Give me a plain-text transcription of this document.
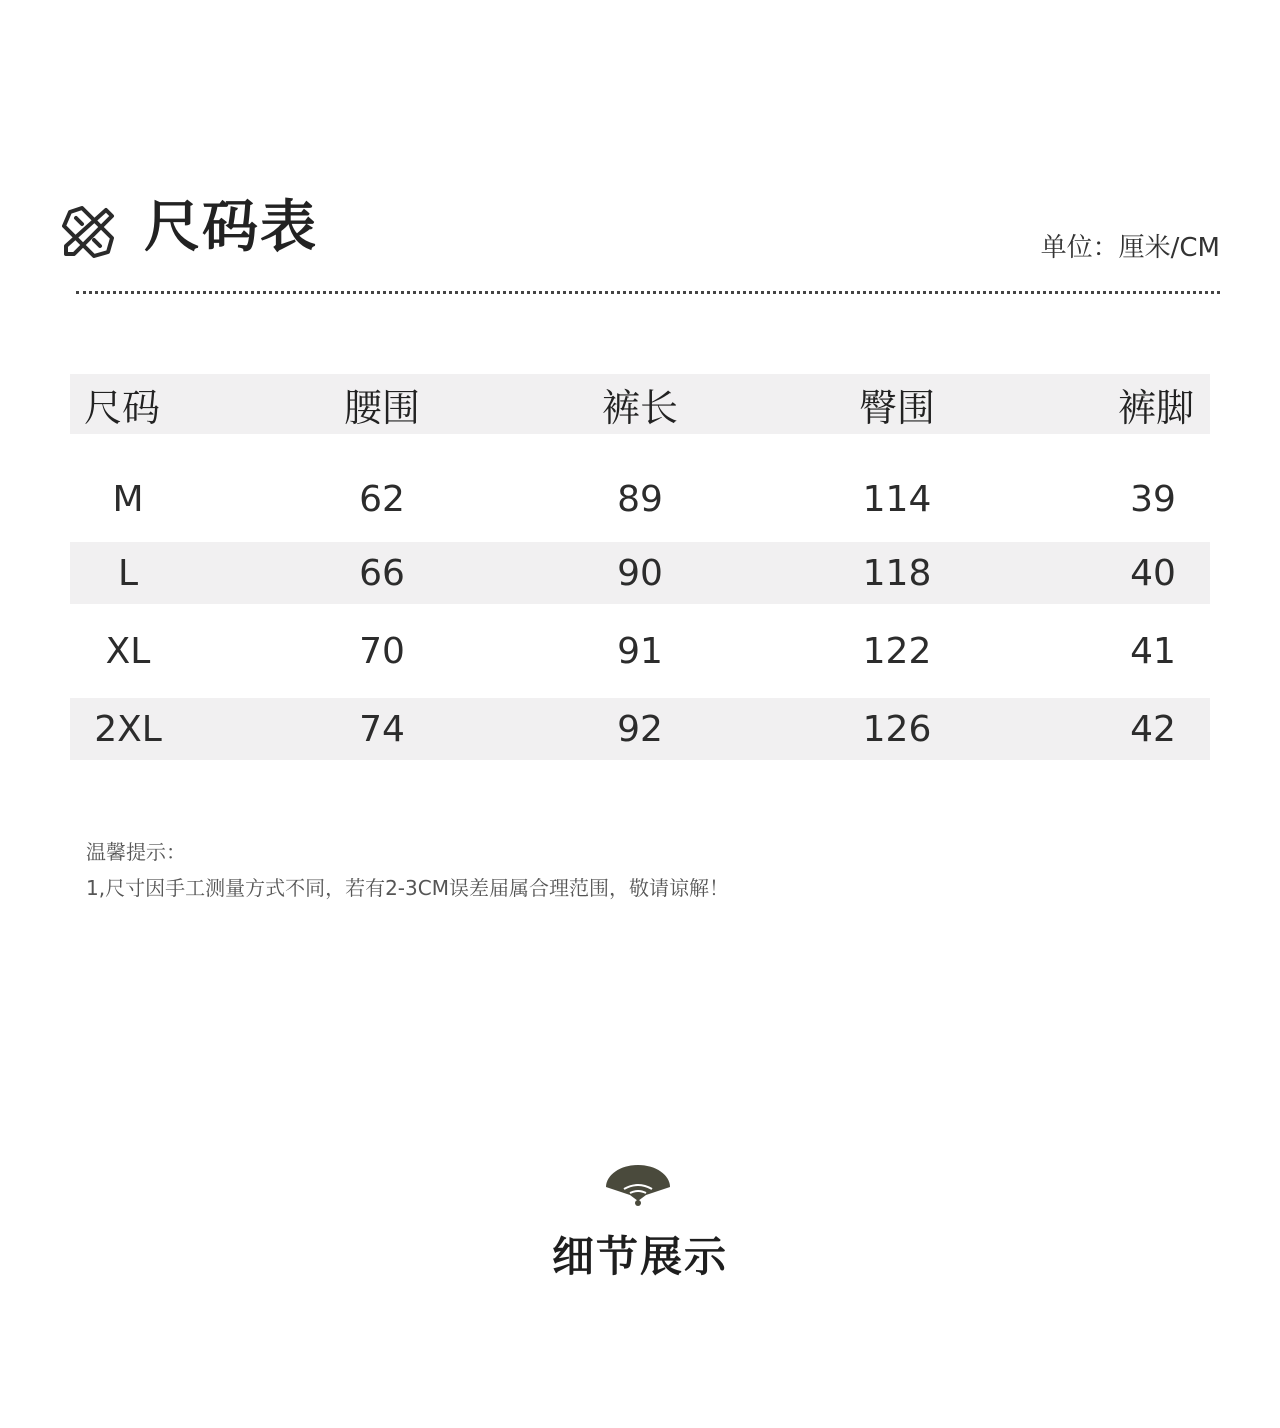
尺码表	单位：厘米/CM
尺码	腰围	裤长	臀围	裤脚
M	62	89	114	39
L	66	90	118	40
XL	70	91	122	41
2XL	74	92	126	42
温馨提示：
1,尺寸因手工测量方式不同，若有2-3CM误差届属合理范围，敬请谅解！
细节展示
